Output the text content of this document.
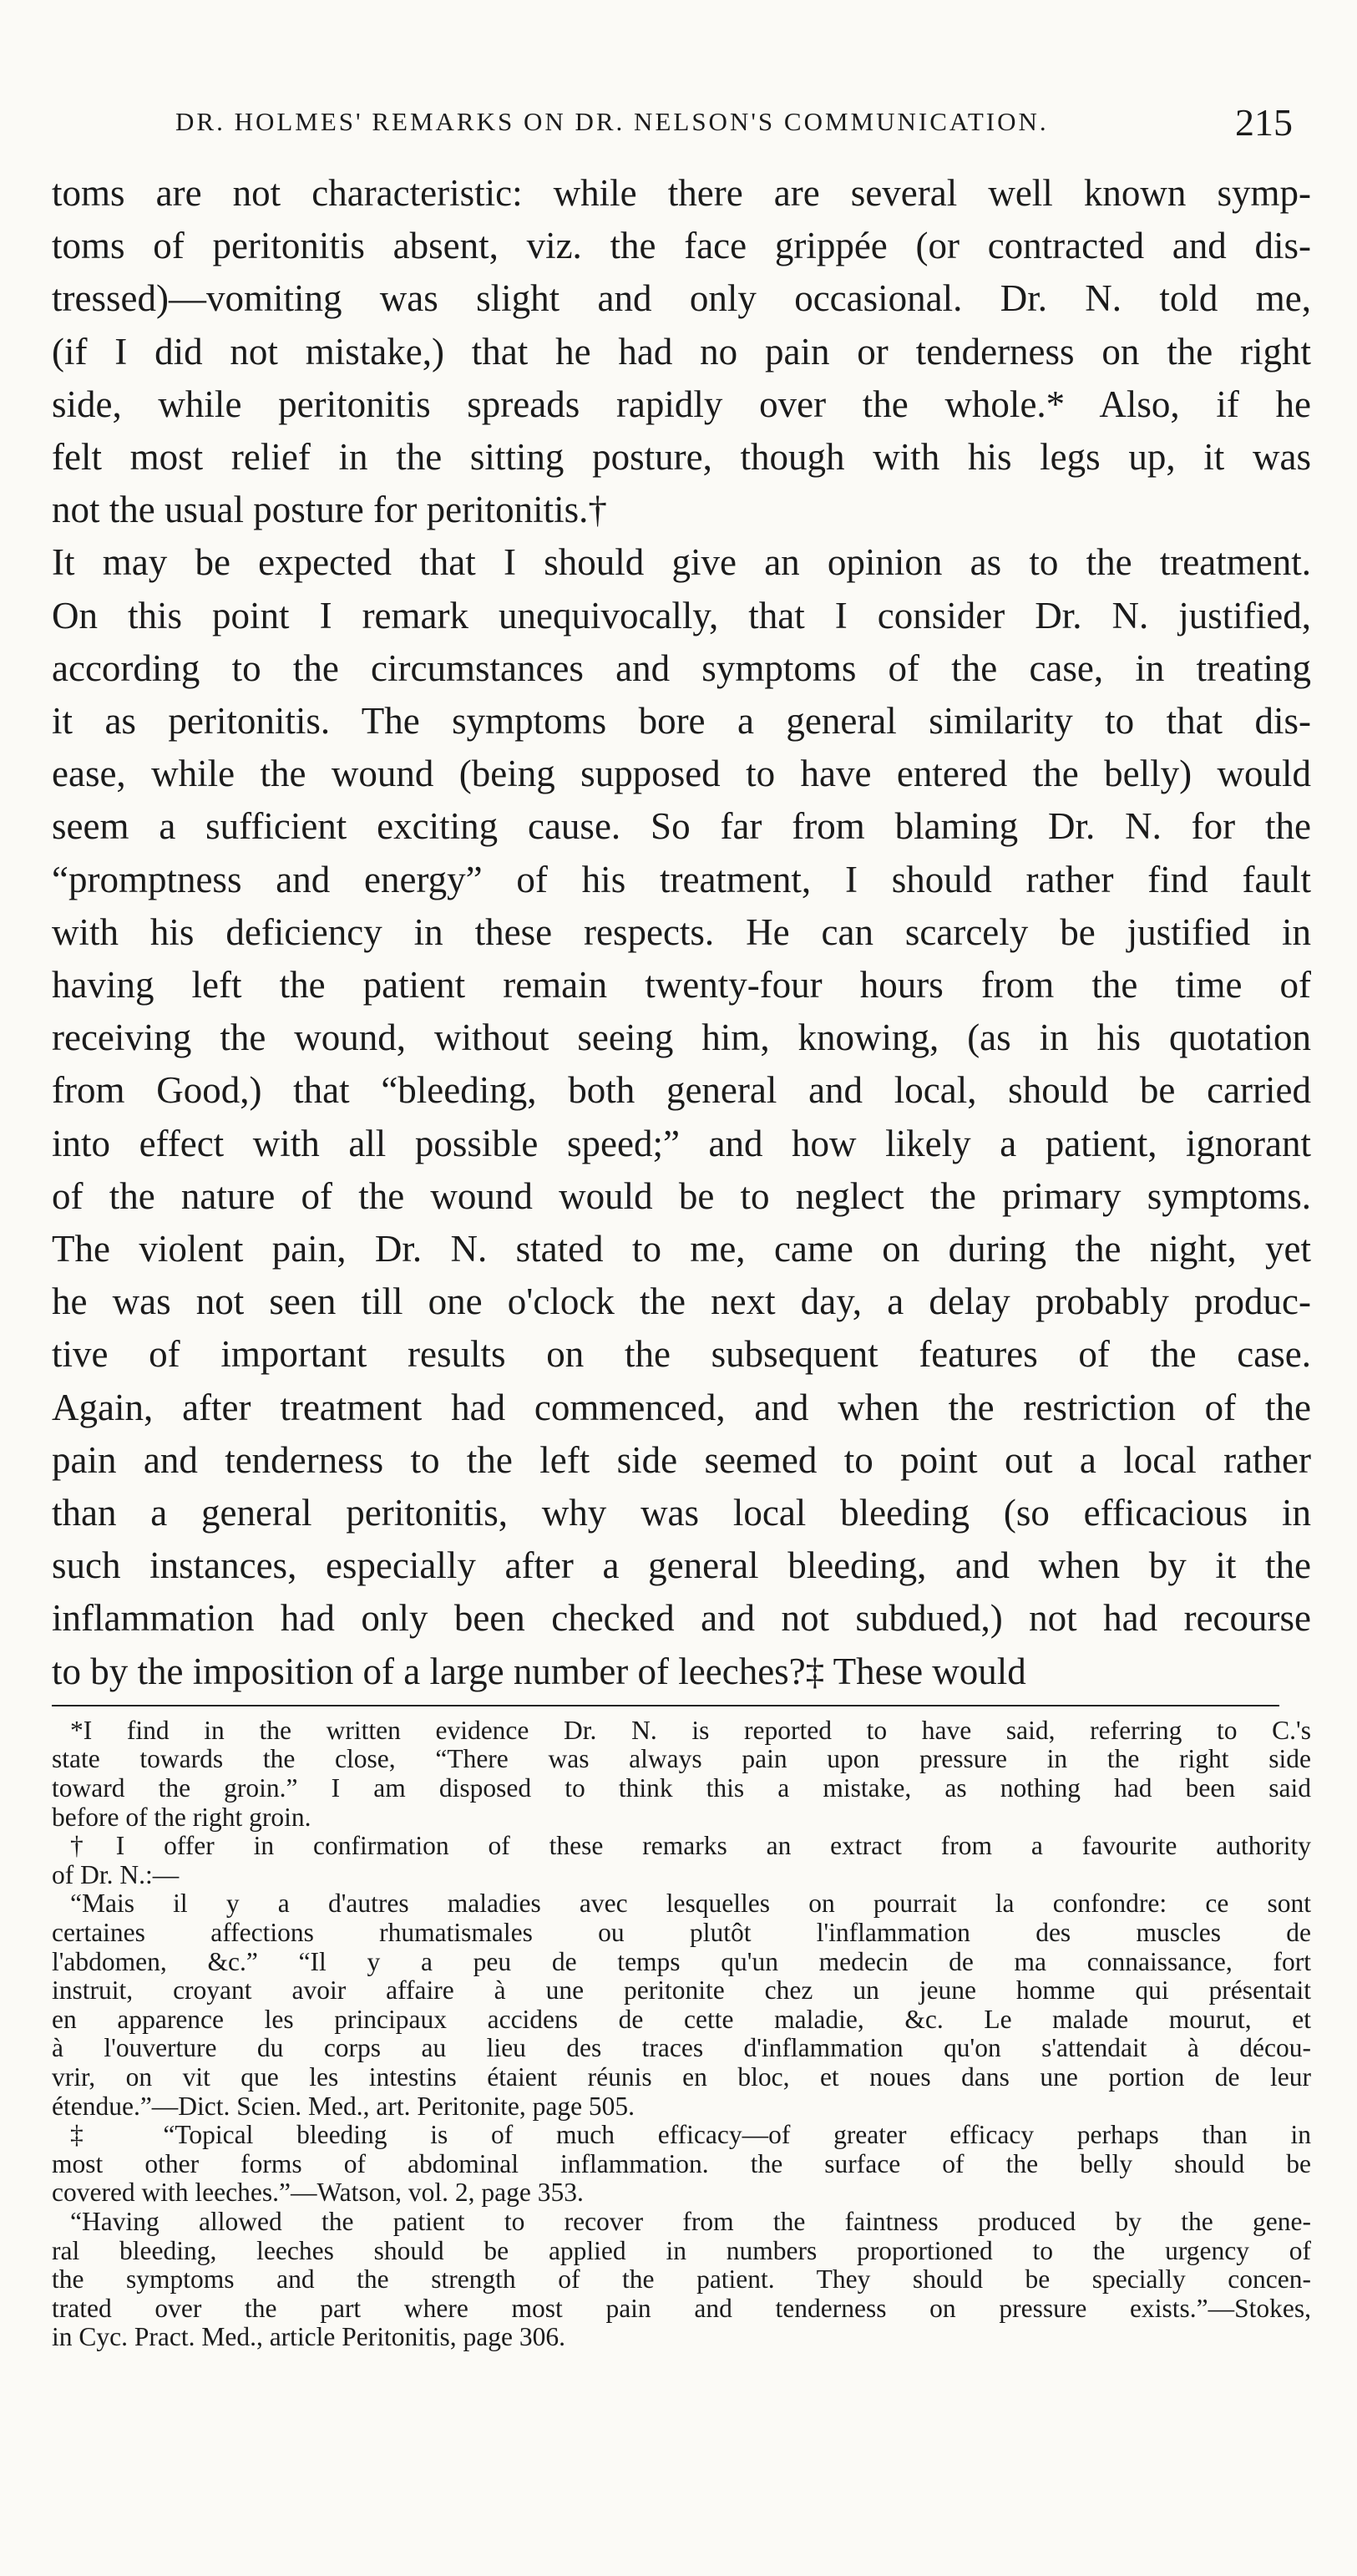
DR. HOLMES' REMARKS ON DR. NELSON'S COMMUNICATION.	215

toms are not characteristic: while there are several well known symp-

toms of peritonitis absent, viz. the face grippée (or contracted and dis-

tressed)—vomiting was slight and only occasional. Dr. N. told me,

(if I did not mistake,) that he had no pain or tenderness on the right

side, while peritonitis spreads rapidly over the whole.* Also, if he

felt most relief in the sitting posture, though with his legs up, it was

not the usual posture for peritonitis.†

It may be expected that I should give an opinion as to the treatment.

On this point I remark unequivocally, that I consider Dr. N. justified,

according to the circumstances and symptoms of the case, in treating

it as peritonitis. The symptoms bore a general similarity to that dis-

ease, while the wound (being supposed to have entered the belly) would

seem a sufficient exciting cause. So far from blaming Dr. N. for the

“promptness and energy” of his treatment, I should rather find fault

with his deficiency in these respects. He can scarcely be justified in

having left the patient remain twenty-four hours from the time of

receiving the wound, without seeing him, knowing, (as in his quotation

from Good,) that “bleeding, both general and local, should be carried

into effect with all possible speed;” and how likely a patient, ignorant

of the nature of the wound would be to neglect the primary symptoms.

The violent pain, Dr. N. stated to me, came on during the night, yet

he was not seen till one o'clock the next day, a delay probably produc-

tive of important results on the subsequent features of the case.

Again, after treatment had commenced, and when the restriction of the

pain and tenderness to the left side seemed to point out a local rather

than a general peritonitis, why was local bleeding (so efficacious in

such instances, especially after a general bleeding, and when by it the

inflammation had only been checked and not subdued,) not had recourse

to by the imposition of a large number of leeches?‡ These would

*I find in the written evidence Dr. N. is reported to have said, referring to C.'s

state towards the close, “There was always pain upon pressure in the right side

toward the groin.” I am disposed to think this a mistake, as nothing had been said

before of the right groin.

†I offer in confirmation of these remarks an extract from a favourite authority

of Dr. N.:—

“Mais il y a d'autres maladies avec lesquelles on pourrait la confondre: ce sont

certaines affections rhumatismales ou plutôt l'inflammation des muscles de

l'abdomen, &c.” “Il y a peu de temps qu'un medecin de ma connaissance, fort

instruit, croyant avoir affaire à une peritonite chez un jeune homme qui présentait

en apparence les principaux accidens de cette maladie, &c. Le malade mourut, et

à l'ouverture du corps au lieu des traces d'inflammation qu'on s'attendait à décou-

vrir, on vit que les intestins étaient réunis en bloc, et noues dans une portion de leur

étendue.”—Dict. Scien. Med., art. Peritonite, page 505.

‡ “Topical bleeding is of much efficacy—of greater efficacy perhaps than in

most other forms of abdominal inflammation. the surface of the belly should be

covered with leeches.”—Watson, vol. 2, page 353.

“Having allowed the patient to recover from the faintness produced by the gene-

ral bleeding, leeches should be applied in numbers proportioned to the urgency of

the symptoms and the strength of the patient. They should be specially concen-

trated over the part where most pain and tenderness on pressure exists.”—Stokes,

in Cyc. Pract. Med., article Peritonitis, page 306.
